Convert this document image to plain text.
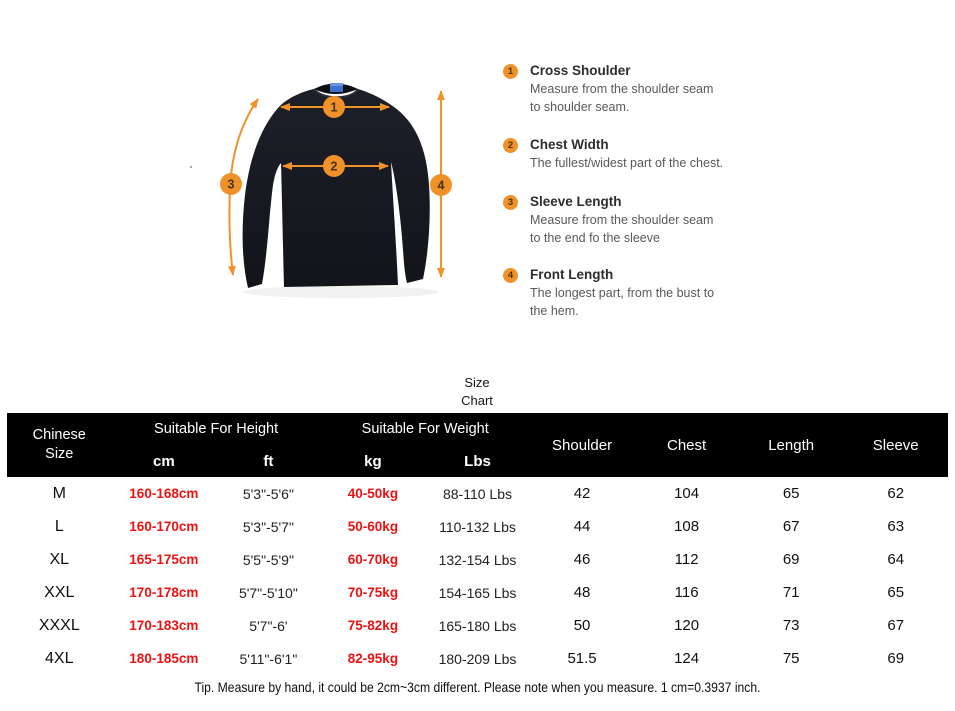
1
2
3	4
1	Cross Shoulder
Measure from the shoulder seam
to shoulder seam.
2	Chest Width
The fullest/widest part of the chest.
3	Sleeve Length
Measure from the shoulder seam
to the end fo the sleeve
4	Front Length
The longest part, from the bust to
the hem.
Size
Chart
Chinese
Size
Suitable For Height	Suitable For Weight
cm	ft	kg	Lbs
Shoulder	Chest	Length	Sleeve
M	160-168cm	5'3"-5'6"	40-50kg	88-110 Lbs	42	104	65	62
L	160-170cm	5'3"-5'7"	50-60kg	110-132 Lbs	44	108	67	63
XL	165-175cm	5'5"-5'9"	60-70kg	132-154 Lbs	46	112	69	64
XXL	170-178cm	5'7"-5'10"	70-75kg	154-165 Lbs	48	116	71	65
XXXL	170-183cm	5'7"-6'	75-82kg	165-180 Lbs	50	120	73	67
4XL	180-185cm	5'11"-6'1"	82-95kg	180-209 Lbs	51.5	124	75	69
Tip. Measure by hand, it could be 2cm~3cm different. Please note when you measure. 1 cm=0.3937 inch.
